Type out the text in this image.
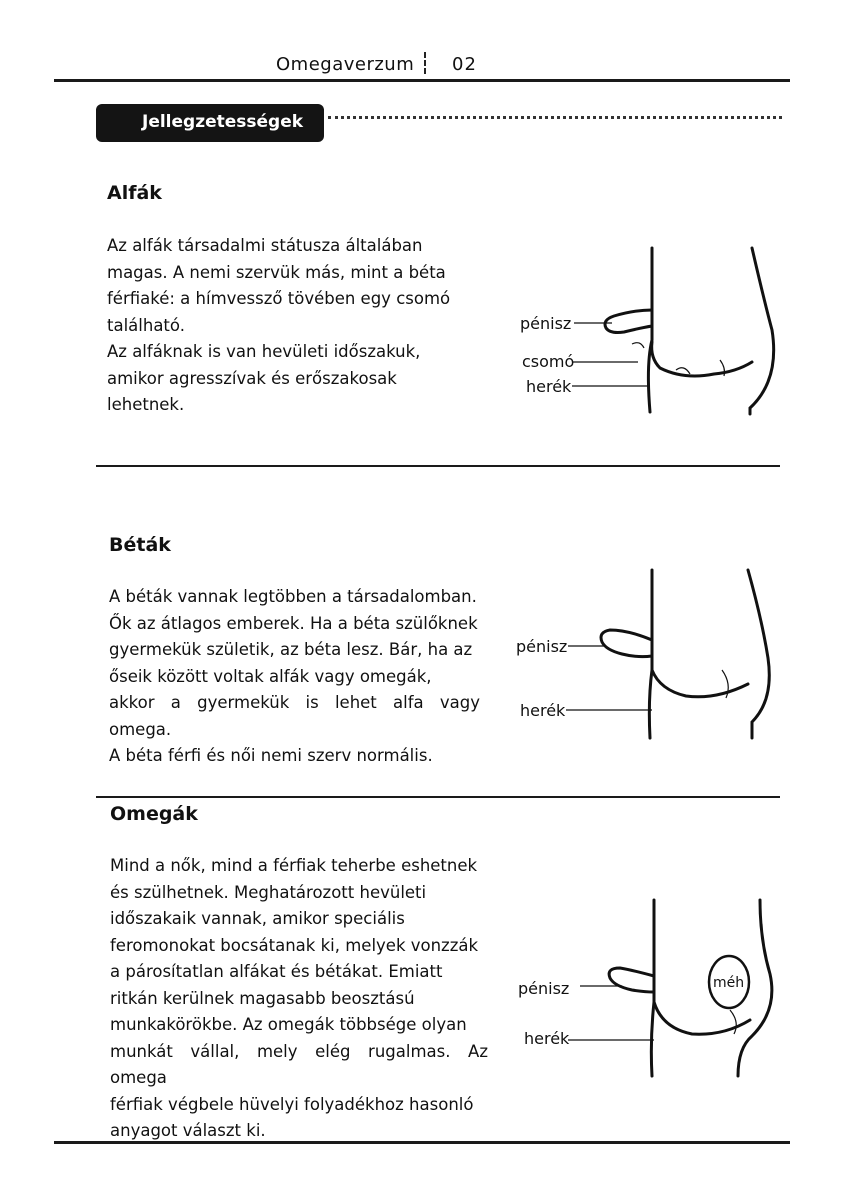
Omegaverzum 02
Jellegzetességek
Alfák
Az alfák társadalmi státusza általában
magas. A nemi szervük más, mint a béta
férfiaké: a hímvessző tövében egy csomó
található.
Az alfáknak is van hevületi időszakuk,
amikor agresszívak és erőszakosak
lehetnek.
pénisz
csomó
herék
Béták
A béták vannak legtöbben a társadalomban.
Ők az átlagos emberek. Ha a béta szülőknek
gyermekük születik, az béta lesz. Bár, ha az
őseik között voltak alfák vagy omegák,
akkor a gyermekük is lehet alfa vagy omega.
A béta férfi és női nemi szerv normális.
pénisz
herék
Omegák
Mind a nők, mind a férfiak teherbe eshetnek
és szülhetnek. Meghatározott hevületi
időszakaik vannak, amikor speciális
feromonokat bocsátanak ki, melyek vonzzák
a párosítatlan alfákat és bétákat. Emiatt
ritkán kerülnek magasabb beosztású
munkakörökbe. Az omegák többsége olyan
munkát vállal, mely elég rugalmas. Az omega
férfiak végbele hüvelyi folyadékhoz hasonló
anyagot választ ki.
pénisz
herék
méh
